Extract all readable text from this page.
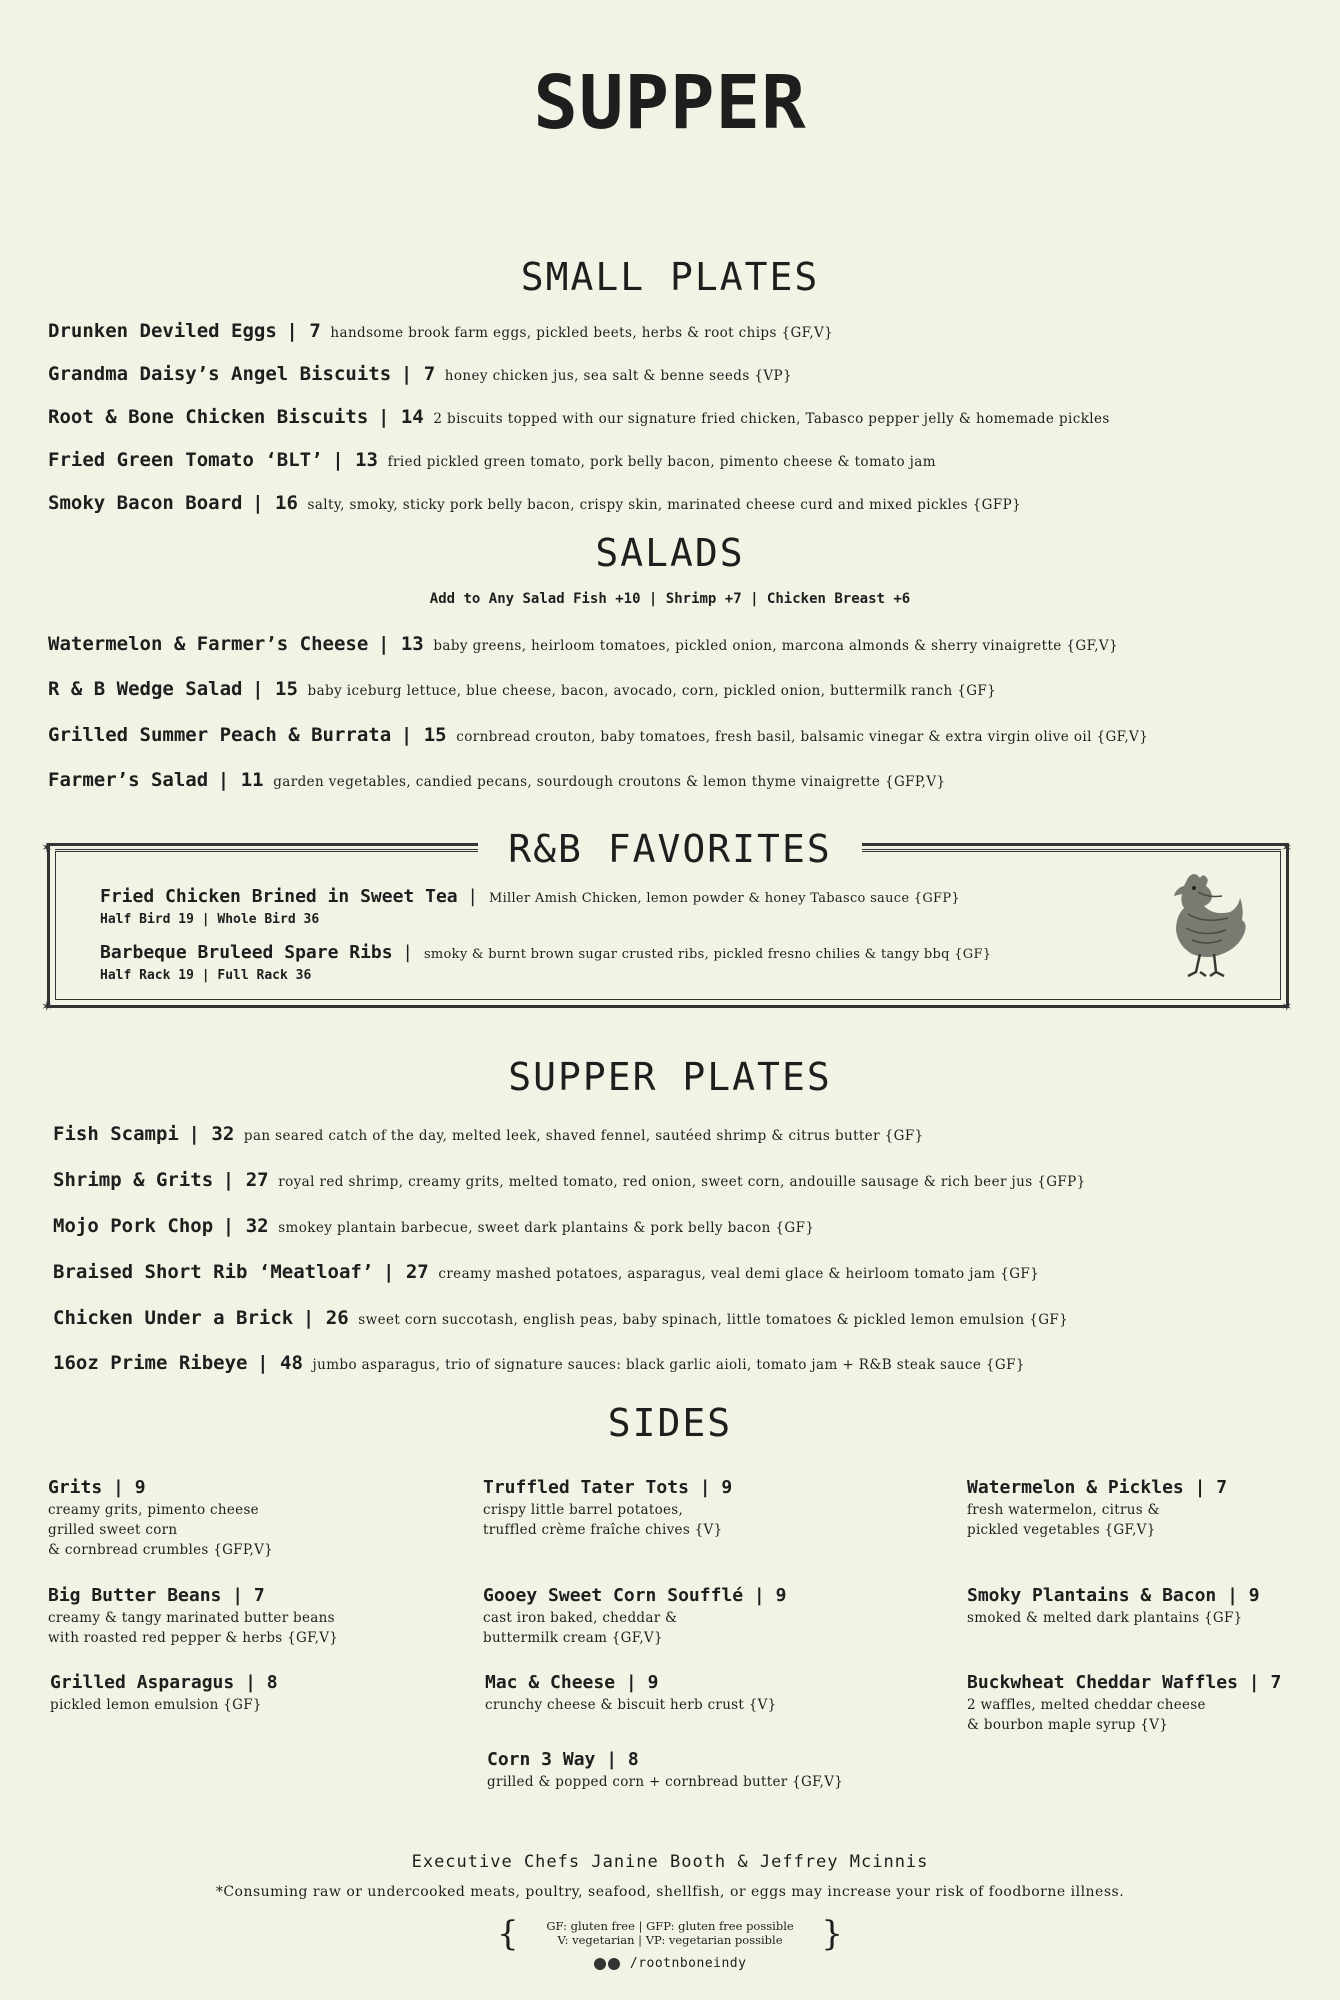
SUPPER
SMALL PLATES
Drunken Deviled Eggs | 7 handsome brook farm eggs, pickled beets, herbs & root chips {GF,V}
Grandma Daisy’s Angel Biscuits | 7 honey chicken jus, sea salt & benne seeds {VP}
Root & Bone Chicken Biscuits | 14 2 biscuits topped with our signature fried chicken, Tabasco pepper jelly & homemade pickles
Fried Green Tomato ‘BLT’ | 13 fried pickled green tomato, pork belly bacon, pimento cheese & tomato jam
Smoky Bacon Board | 16 salty, smoky, sticky pork belly bacon, crispy skin, marinated cheese curd and mixed pickles {GFP}
SALADS
Add to Any Salad Fish +10 | Shrimp +7 | Chicken Breast +6
Watermelon & Farmer’s Cheese | 13 baby greens, heirloom tomatoes, pickled onion, marcona almonds & sherry vinaigrette {GF,V}
R & B Wedge Salad | 15 baby iceburg lettuce, blue cheese, bacon, avocado, corn, pickled onion, buttermilk ranch {GF}
Grilled Summer Peach & Burrata | 15 cornbread crouton, baby tomatoes, fresh basil, balsamic vinegar & extra virgin olive oil {GF,V}
Farmer’s Salad | 11 garden vegetables, candied pecans, sourdough croutons & lemon thyme vinaigrette {GFP,V}
R&B FAVORITES
✶	✶
✶	✶
Fried Chicken Brined in Sweet Tea | Miller Amish Chicken, lemon powder & honey Tabasco sauce {GFP}
Half Bird 19 | Whole Bird 36
Barbeque Bruleed Spare Ribs | smoky & burnt brown sugar crusted ribs, pickled fresno chilies & tangy bbq {GF}
Half Rack 19 | Full Rack 36
SUPPER PLATES
Fish Scampi | 32 pan seared catch of the day, melted leek, shaved fennel, sautéed shrimp & citrus butter {GF}
Shrimp & Grits | 27 royal red shrimp, creamy grits, melted tomato, red onion, sweet corn, andouille sausage & rich beer jus {GFP}
Mojo Pork Chop | 32 smokey plantain barbecue, sweet dark plantains & pork belly bacon {GF}
Braised Short Rib ‘Meatloaf’ | 27 creamy mashed potatoes, asparagus, veal demi glace & heirloom tomato jam {GF}
Chicken Under a Brick | 26 sweet corn succotash, english peas, baby spinach, little tomatoes & pickled lemon emulsion {GF}
16oz Prime Ribeye | 48 jumbo asparagus, trio of signature sauces: black garlic aioli, tomato jam + R&B steak sauce {GF}
SIDES
Grits | 9
creamy grits, pimento cheese
grilled sweet corn
& cornbread crumbles {GFP,V}
Big Butter Beans | 7
creamy & tangy marinated butter beans
with roasted red pepper & herbs {GF,V}
Grilled Asparagus | 8
pickled lemon emulsion {GF}
Truffled Tater Tots | 9
crispy little barrel potatoes,
truffled crème fraîche chives {V}
Gooey Sweet Corn Soufflé | 9
cast iron baked, cheddar &
buttermilk cream {GF,V}
Mac & Cheese | 9
crunchy cheese & biscuit herb crust {V}
Corn 3 Way | 8
grilled & popped corn + cornbread butter {GF,V}
Watermelon & Pickles | 7
fresh watermelon, citrus &
pickled vegetables {GF,V}
Smoky Plantains & Bacon | 9
smoked & melted dark plantains {GF}
Buckwheat Cheddar Waffles | 7
2 waffles, melted cheddar cheese
& bourbon maple syrup {V}
Executive Chefs Janine Booth & Jeffrey Mcinnis
*Consuming raw or undercooked meats, poultry, seafood, shellfish, or eggs may increase your risk of foodborne illness.
{	GF: gluten free | GFP: gluten free possible
V: vegetarian | VP: vegetarian possible	}
/rootnboneindy
